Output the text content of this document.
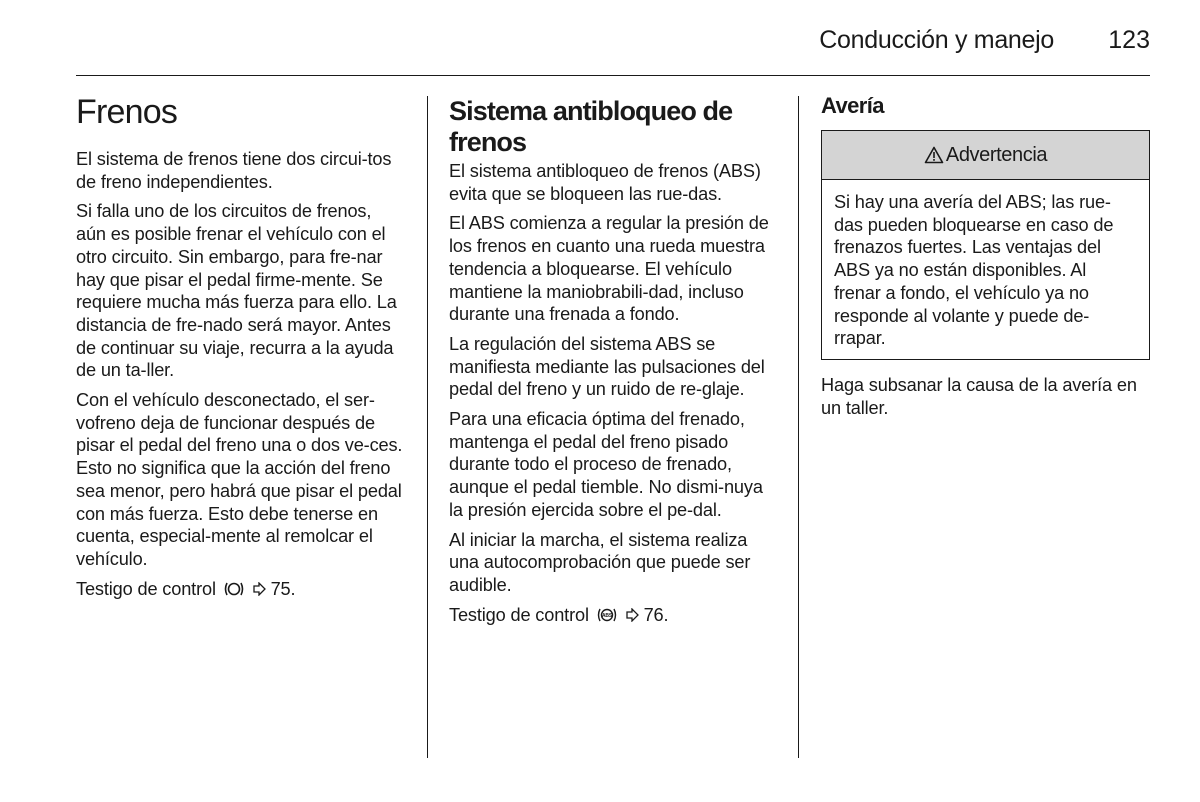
Conducción y manejo 123
Frenos
El sistema de frenos tiene dos circui-tos de freno independientes.
Si falla uno de los circuitos de frenos, aún es posible frenar el vehículo con el otro circuito. Sin embargo, para fre-nar hay que pisar el pedal firme-mente. Se requiere mucha más fuerza para ello. La distancia de fre-nado será mayor. Antes de continuar su viaje, recurra a la ayuda de un ta-ller.
Con el vehículo desconectado, el ser-vofreno deja de funcionar después de pisar el pedal del freno una o dos ve-ces. Esto no significa que la acción del freno sea menor, pero habrá que pisar el pedal con más fuerza. Esto debe tenerse en cuenta, especial-mente al remolcar el vehículo.
Testigo de control	75.
Sistema antibloqueo de frenos
El sistema antibloqueo de frenos (ABS) evita que se bloqueen las rue-das.
El ABS comienza a regular la presión de los frenos en cuanto una rueda muestra tendencia a bloquearse. El vehículo mantiene la maniobrabili-dad, incluso durante una frenada a fondo.
La regulación del sistema ABS se manifiesta mediante las pulsaciones del pedal del freno y un ruido de re-glaje.
Para una eficacia óptima del frenado, mantenga el pedal del freno pisado durante todo el proceso de frenado, aunque el pedal tiemble. No dismi-nuya la presión ejercida sobre el pe-dal.
Al iniciar la marcha, el sistema realiza una autocomprobación que puede ser audible.
Testigo de control	ABS 76.
Avería
Advertencia
Si hay una avería del ABS; las rue-das pueden bloquearse en caso de frenazos fuertes. Las ventajas del ABS ya no están disponibles. Al frenar a fondo, el vehículo ya no responde al volante y puede de-rrapar.
Haga subsanar la causa de la avería en un taller.
